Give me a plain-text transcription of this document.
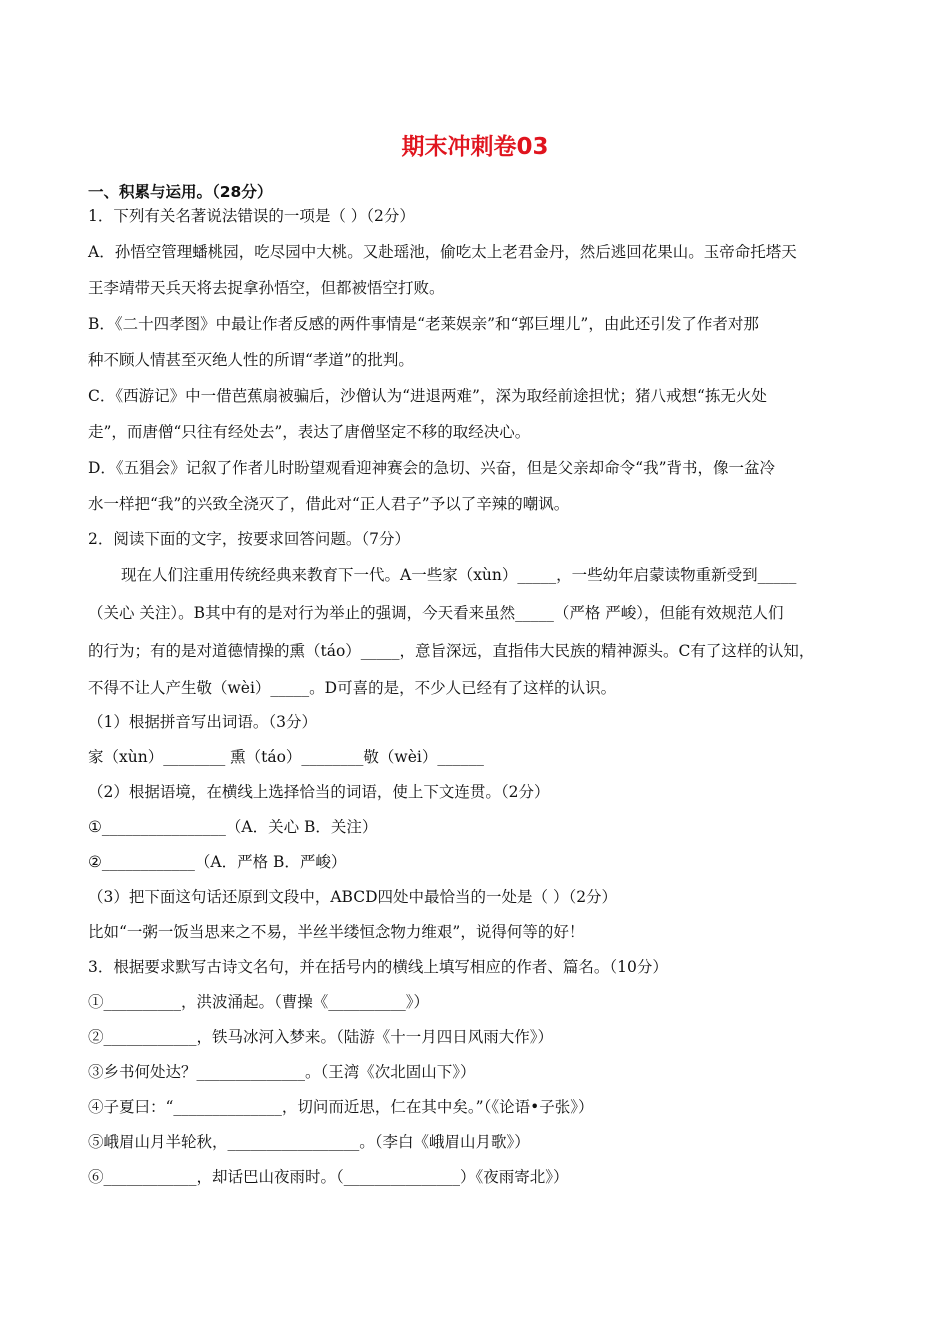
期末冲刺卷03
一、积累与运用。（28分）
1．下列有关名著说法错误的一项是（ ）（2分）
A．孙悟空管理蟠桃园，吃尽园中大桃。又赴瑶池，偷吃太上老君金丹，然后逃回花果山。玉帝命托塔天
王李靖带天兵天将去捉拿孙悟空，但都被悟空打败。
B．《二十四孝图》中最让作者反感的两件事情是“老莱娱亲”和“郭巨埋儿”，由此还引发了作者对那
种不顾人情甚至灭绝人性的所谓“孝道”的批判。
C．《西游记》中一借芭蕉扇被骗后，沙僧认为“进退两难”，深为取经前途担忧；猪八戒想“拣无火处
走”，而唐僧“只往有经处去”，表达了唐僧坚定不移的取经决心。
D．《五猖会》记叙了作者儿时盼望观看迎神赛会的急切、兴奋，但是父亲却命令“我”背书，像一盆冷
水一样把“我”的兴致全浇灭了，借此对“正人君子”予以了辛辣的嘲讽。
2．阅读下面的文字，按要求回答问题。（7分）
现在人们注重用传统经典来教育下一代。A一些家（xùn）_____，一些幼年启蒙读物重新受到_____
（关心 关注）。B其中有的是对行为举止的强调，今天看来虽然_____（严格 严峻），但能有效规范人们
的行为；有的是对道德情操的熏（táo）_____，意旨深远，直指伟大民族的精神源头。C有了这样的认知，
不得不让人产生敬（wèi）_____。D可喜的是，不少人已经有了这样的认识。
（1）根据拼音写出词语。（3分）
家（xùn）________ 熏（táo）________敬（wèi）______
（2）根据语境，在横线上选择恰当的词语，使上下文连贯。（2分）
①________________（A．关心 B．关注）
②____________（A．严格 B．严峻）
（3）把下面这句话还原到文段中，ABCD四处中最恰当的一处是（ ）（2分）
比如“一粥一饭当思来之不易，半丝半缕恒念物力维艰”，说得何等的好！
3．根据要求默写古诗文名句，并在括号内的横线上填写相应的作者、篇名。（10分）
①__________，洪波涌起。（曹操《__________》）
②____________，铁马冰河入梦来。（陆游《十一月四日风雨大作》）
③乡书何处达？______________。（王湾《次北固山下》）
④子夏曰：“______________，切问而近思，仁在其中矣。”（《论语•子张》）
⑤峨眉山月半轮秋，_________________。（李白《峨眉山月歌》）
⑥____________，却话巴山夜雨时。（_______________）《夜雨寄北》）
